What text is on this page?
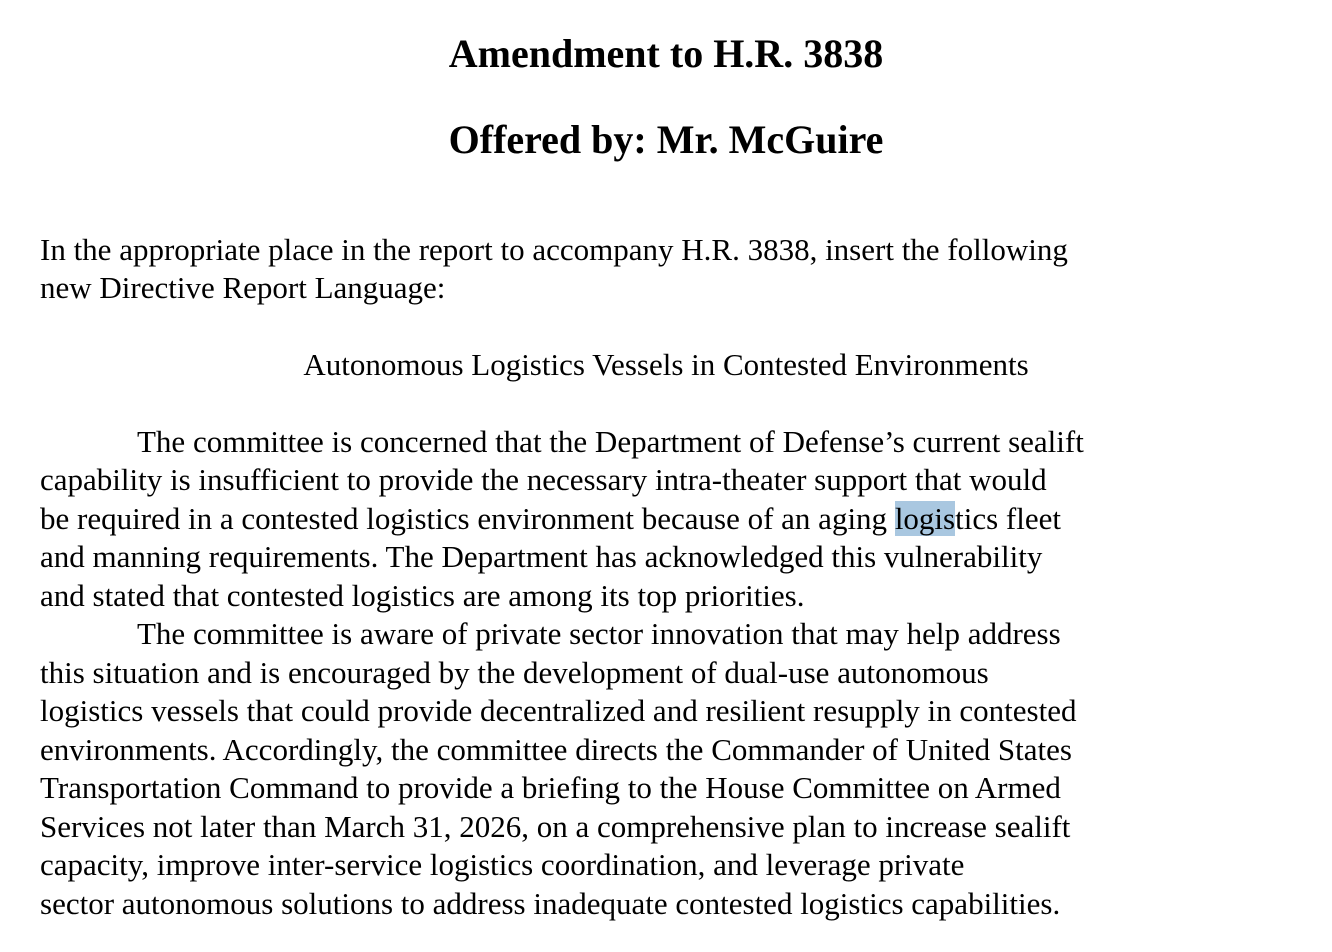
Amendment to H.R. 3838
Offered by: Mr. McGuire

In the appropriate place in the report to accompany H.R. 3838, insert the following

new Directive Report Language:

Autonomous Logistics Vessels in Contested Environments

The committee is concerned that the Department of Defense’s current sealift

capability is insufficient to provide the necessary intra-theater support that would

be required in a contested logistics environment because of an aging logistics fleet

and manning requirements. The Department has acknowledged this vulnerability

and stated that contested logistics are among its top priorities.

The committee is aware of private sector innovation that may help address

this situation and is encouraged by the development of dual-use autonomous

logistics vessels that could provide decentralized and resilient resupply in contested

environments. Accordingly, the committee directs the Commander of United States

Transportation Command to provide a briefing to the House Committee on Armed

Services not later than March 31, 2026, on a comprehensive plan to increase sealift

capacity, improve inter-service logistics coordination, and leverage private

sector autonomous solutions to address inadequate contested logistics capabilities.
